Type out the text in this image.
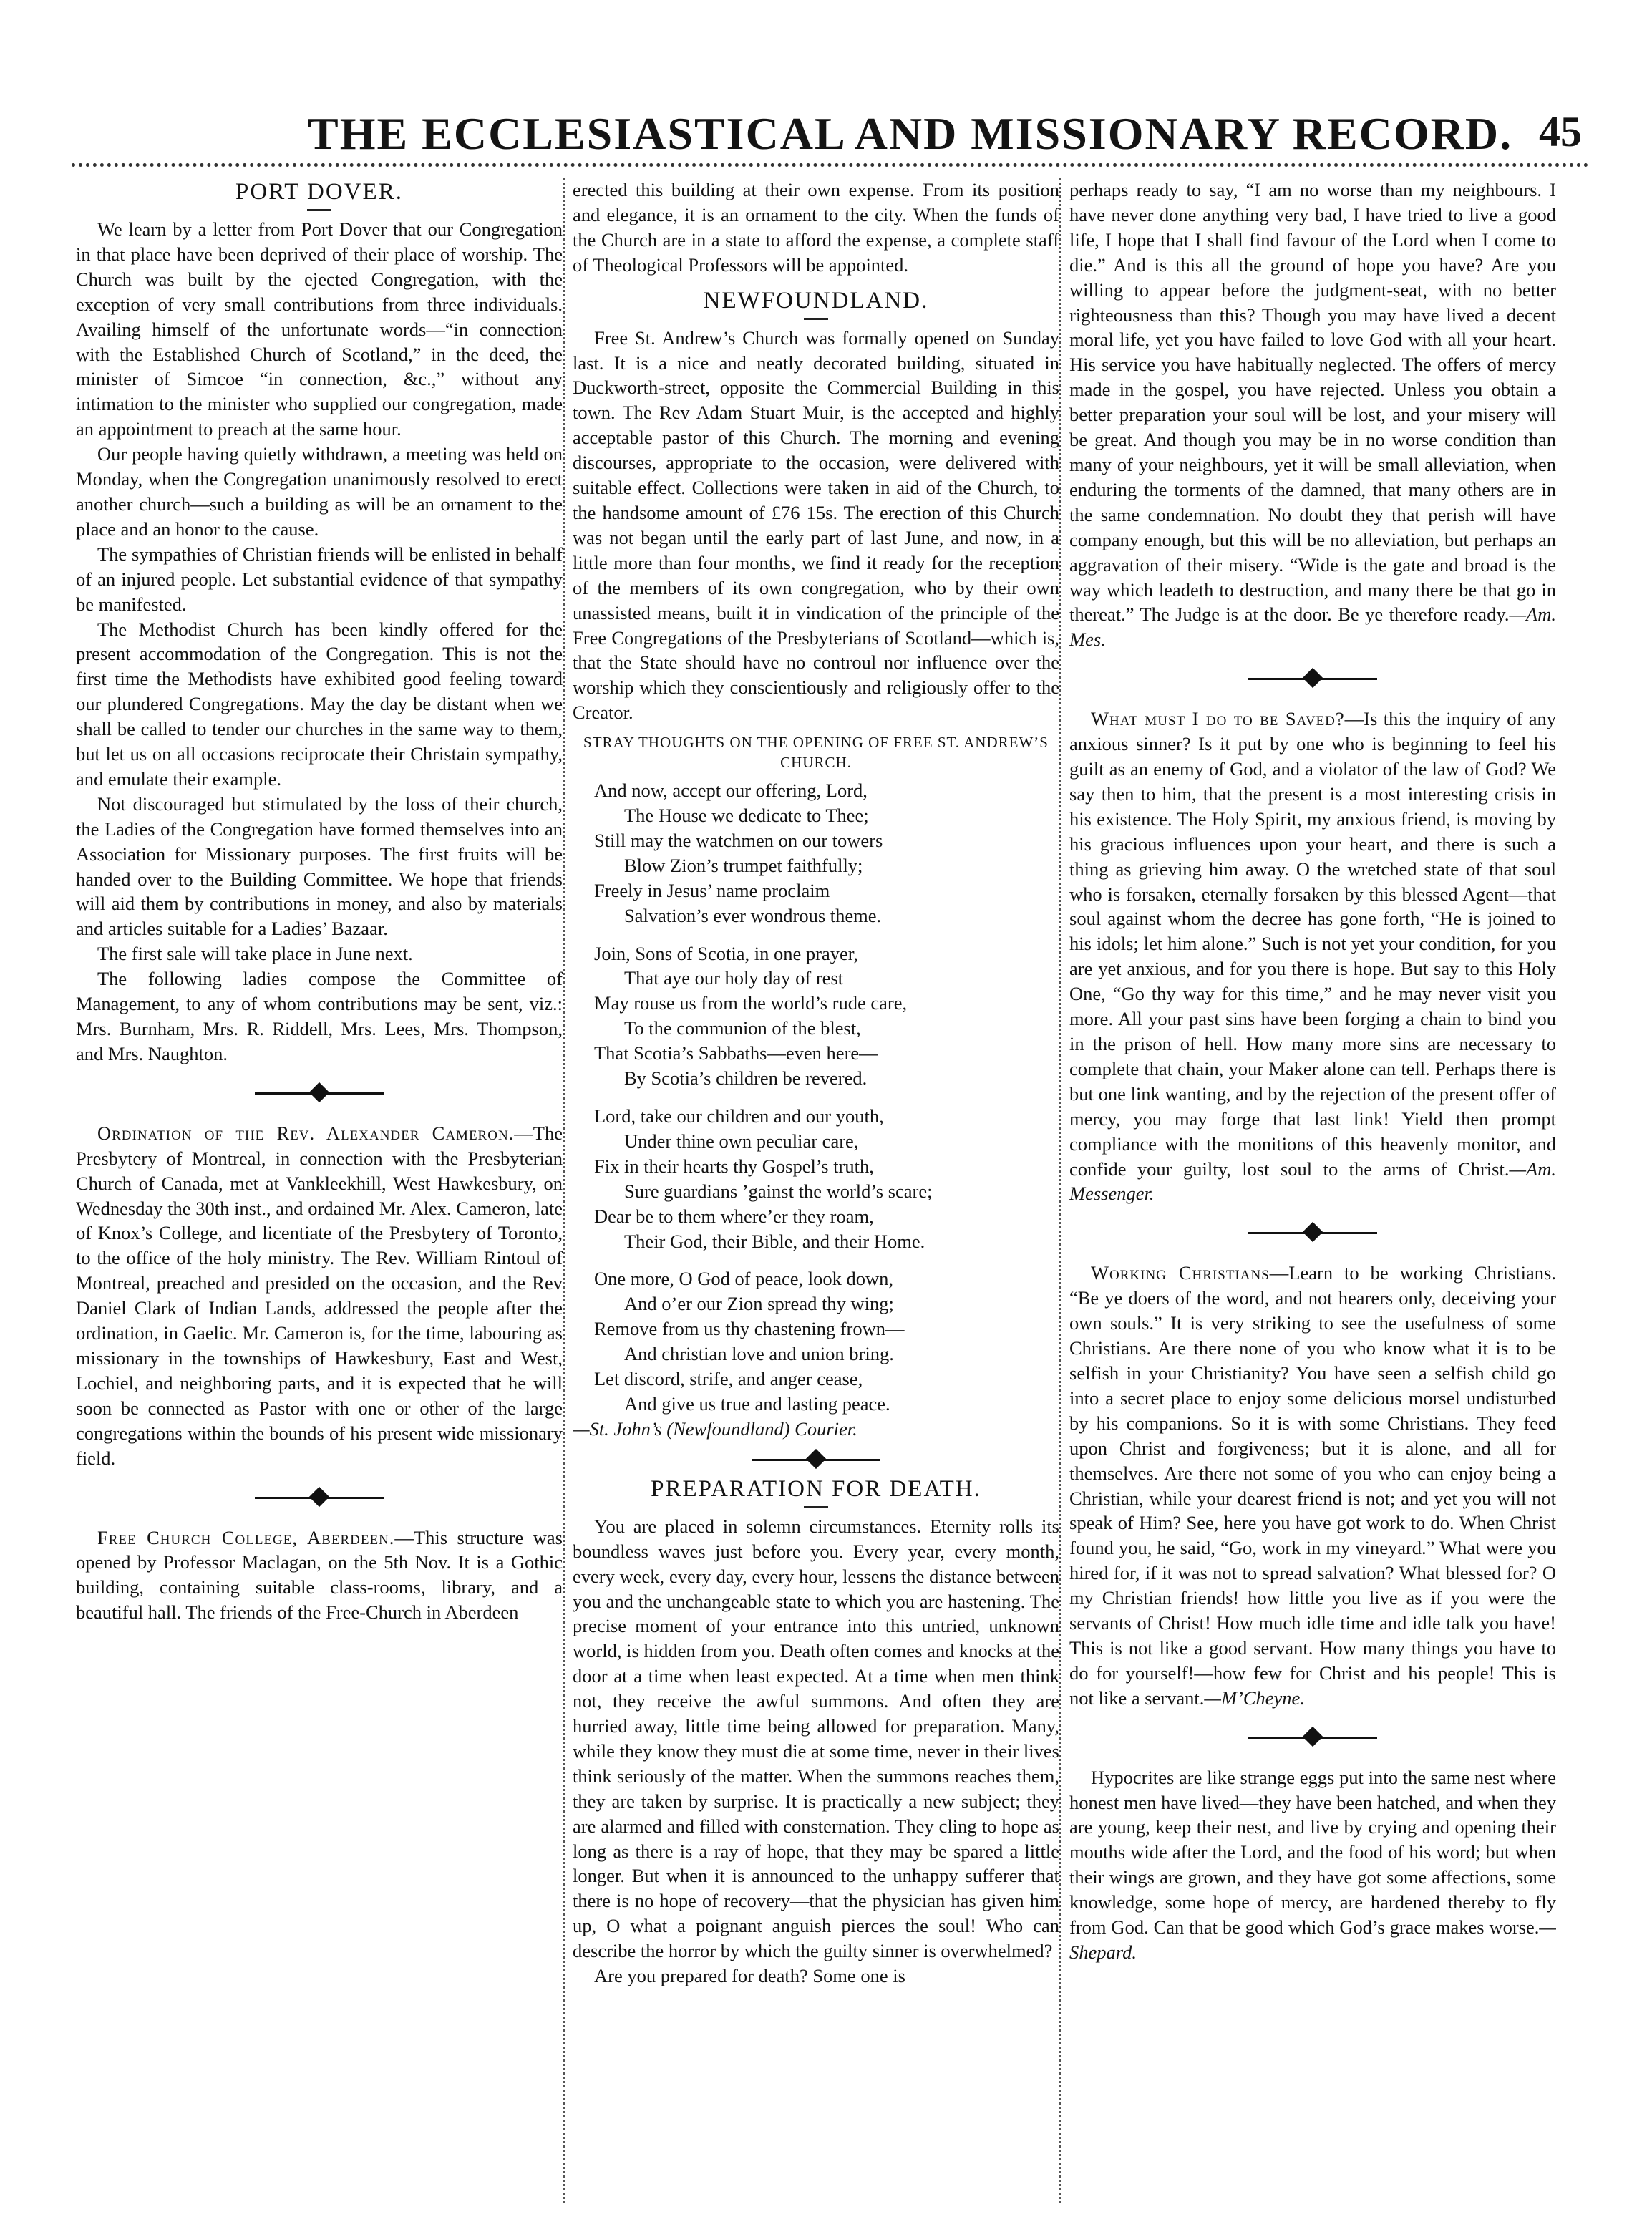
THE ECCLESIASTICAL AND MISSIONARY RECORD. 45
PORT DOVER.

We learn by a letter from Port Dover that our Congregation in that place have been deprived of their place of worship. The Church was built by the ejected Congregation, with the exception of very small contributions from three individuals. Availing himself of the unfortunate words—“in connection with the Established Church of Scotland,” in the deed, the minister of Simcoe “in connection, &c.,” without any intimation to the minister who supplied our congregation, made an appointment to preach at the same hour.

Our people having quietly withdrawn, a meeting was held on Monday, when the Congregation unanimously resolved to erect another church—such a building as will be an ornament to the place and an honor to the cause.

The sympathies of Christian friends will be enlisted in behalf of an injured people. Let substantial evidence of that sympathy be manifested.

The Methodist Church has been kindly offered for the present accommodation of the Congregation. This is not the first time the Methodists have exhibited good feeling toward our plundered Congregations. May the day be distant when we shall be called to tender our churches in the same way to them, but let us on all occasions reciprocate their Christain sympathy, and emulate their example.

Not discouraged but stimulated by the loss of their church, the Ladies of the Congregation have formed themselves into an Association for Missionary purposes. The first fruits will be handed over to the Building Committee. We hope that friends will aid them by contributions in money, and also by materials and articles suitable for a Ladies’ Bazaar.

The first sale will take place in June next.

The following ladies compose the Committee of Management, to any of whom contributions may be sent, viz.: Mrs. Burnham, Mrs. R. Riddell, Mrs. Lees, Mrs. Thompson, and Mrs. Naughton.

Ordination of the Rev. Alexander Cameron.—The Presbytery of Montreal, in connection with the Presbyterian Church of Canada, met at Vankleekhill, West Hawkesbury, on Wednesday the 30th inst., and ordained Mr. Alex. Cameron, late of Knox’s College, and licentiate of the Presbytery of Toronto, to the office of the holy ministry. The Rev. William Rintoul of Montreal, preached and presided on the occasion, and the Rev Daniel Clark of Indian Lands, addressed the people after the ordination, in Gaelic. Mr. Cameron is, for the time, labouring as missionary in the townships of Hawkesbury, East and West, Lochiel, and neighboring parts, and it is expected that he will soon be connected as Pastor with one or other of the large congregations within the bounds of his present wide missionary field.

Free Church College, Aberdeen.—This structure was opened by Professor Maclagan, on the 5th Nov. It is a Gothic building, containing suitable class-rooms, library, and a beautiful hall. The friends of the Free-Church in Aberdeen

erected this building at their own expense. From its position and elegance, it is an ornament to the city. When the funds of the Church are in a state to afford the expense, a complete staff of Theological Professors will be appointed.

NEWFOUNDLAND.

Free St. Andrew’s Church was formally opened on Sunday last. It is a nice and neatly decorated building, situated in Duckworth-street, opposite the Commercial Building in this town. The Rev Adam Stuart Muir, is the accepted and highly acceptable pastor of this Church. The morning and evening discourses, appropriate to the occasion, were delivered with suitable effect. Collections were taken in aid of the Church, to the handsome amount of £76 15s. The erection of this Church was not began until the early part of last June, and now, in a little more than four months, we find it ready for the reception of the members of its own congregation, who by their own unassisted means, built it in vindication of the principle of the Free Congregations of the Presbyterians of Scotland—which is, that the State should have no controul nor influence over the worship which they conscientiously and religiously offer to the Creator.

STRAY THOUGHTS ON THE OPENING OF FREE ST. ANDREW’S CHURCH.
And now, accept our offering, Lord,
The House we dedicate to Thee;
Still may the watchmen on our towers
Blow Zion’s trumpet faithfully;
Freely in Jesus’ name proclaim
Salvation’s ever wondrous theme.
Join, Sons of Scotia, in one prayer,
That aye our holy day of rest
May rouse us from the world’s rude care,
To the communion of the blest,
That Scotia’s Sabbaths—even here—
By Scotia’s children be revered.
Lord, take our children and our youth,
Under thine own peculiar care,
Fix in their hearts thy Gospel’s truth,
Sure guardians ’gainst the world’s scare;
Dear be to them where’er they roam,
Their God, their Bible, and their Home.
One more, O God of peace, look down,
And o’er our Zion spread thy wing;
Remove from us thy chastening frown—
And christian love and union bring.
Let discord, strife, and anger cease,
And give us true and lasting peace.
—St. John’s (Newfoundland) Courier.
PREPARATION FOR DEATH.

You are placed in solemn circumstances. Eternity rolls its boundless waves just before you. Every year, every month, every week, every day, every hour, lessens the distance between you and the unchangeable state to which you are hastening. The precise moment of your entrance into this untried, unknown world, is hidden from you. Death often comes and knocks at the door at a time when least expected. At a time when men think not, they receive the awful summons. And often they are hurried away, little time being allowed for preparation. Many, while they know they must die at some time, never in their lives think seriously of the matter. When the summons reaches them, they are taken by surprise. It is practically a new subject; they are alarmed and filled with consternation. They cling to hope as long as there is a ray of hope, that they may be spared a little longer. But when it is announced to the unhappy sufferer that there is no hope of recovery—that the physician has given him up, O what a poignant anguish pierces the soul! Who can describe the horror by which the guilty sinner is overwhelmed?

Are you prepared for death? Some one is

perhaps ready to say, “I am no worse than my neighbours. I have never done anything very bad, I have tried to live a good life, I hope that I shall find favour of the Lord when I come to die.” And is this all the ground of hope you have? Are you willing to appear before the judgment-seat, with no better righteousness than this? Though you may have lived a decent moral life, yet you have failed to love God with all your heart. His service you have habitually neglected. The offers of mercy made in the gospel, you have rejected. Unless you obtain a better preparation your soul will be lost, and your misery will be great. And though you may be in no worse condition than many of your neighbours, yet it will be small alleviation, when enduring the torments of the damned, that many others are in the same condemnation. No doubt they that perish will have company enough, but this will be no alleviation, but perhaps an aggravation of their misery. “Wide is the gate and broad is the way which leadeth to destruction, and many there be that go in thereat.” The Judge is at the door. Be ye therefore ready.—Am. Mes.

What must I do to be Saved?—Is this the inquiry of any anxious sinner? Is it put by one who is beginning to feel his guilt as an enemy of God, and a violator of the law of God? We say then to him, that the present is a most interesting crisis in his existence. The Holy Spirit, my anxious friend, is moving by his gracious influences upon your heart, and there is such a thing as grieving him away. O the wretched state of that soul who is forsaken, eternally forsaken by this blessed Agent—that soul against whom the decree has gone forth, “He is joined to his idols; let him alone.” Such is not yet your condition, for you are yet anxious, and for you there is hope. But say to this Holy One, “Go thy way for this time,” and he may never visit you more. All your past sins have been forging a chain to bind you in the prison of hell. How many more sins are necessary to complete that chain, your Maker alone can tell. Perhaps there is but one link wanting, and by the rejection of the present offer of mercy, you may forge that last link! Yield then prompt compliance with the monitions of this heavenly monitor, and confide your guilty, lost soul to the arms of Christ.—Am. Messenger.

Working Christians—Learn to be working Christians. “Be ye doers of the word, and not hearers only, deceiving your own souls.” It is very striking to see the usefulness of some Christians. Are there none of you who know what it is to be selfish in your Christianity? You have seen a selfish child go into a secret place to enjoy some delicious morsel undisturbed by his companions. So it is with some Christians. They feed upon Christ and forgiveness; but it is alone, and all for themselves. Are there not some of you who can enjoy being a Christian, while your dearest friend is not; and yet you will not speak of Him? See, here you have got work to do. When Christ found you, he said, “Go, work in my vineyard.” What were you hired for, if it was not to spread salvation? What blessed for? O my Christian friends! how little you live as if you were the servants of Christ! How much idle time and idle talk you have! This is not like a good servant. How many things you have to do for yourself!—how few for Christ and his people! This is not like a servant.—M’Cheyne.

Hypocrites are like strange eggs put into the same nest where honest men have lived—they have been hatched, and when they are young, keep their nest, and live by crying and opening their mouths wide after the Lord, and the food of his word; but when their wings are grown, and they have got some affections, some knowledge, some hope of mercy, are hardened thereby to fly from God. Can that be good which God’s grace makes worse.—Shepard.
